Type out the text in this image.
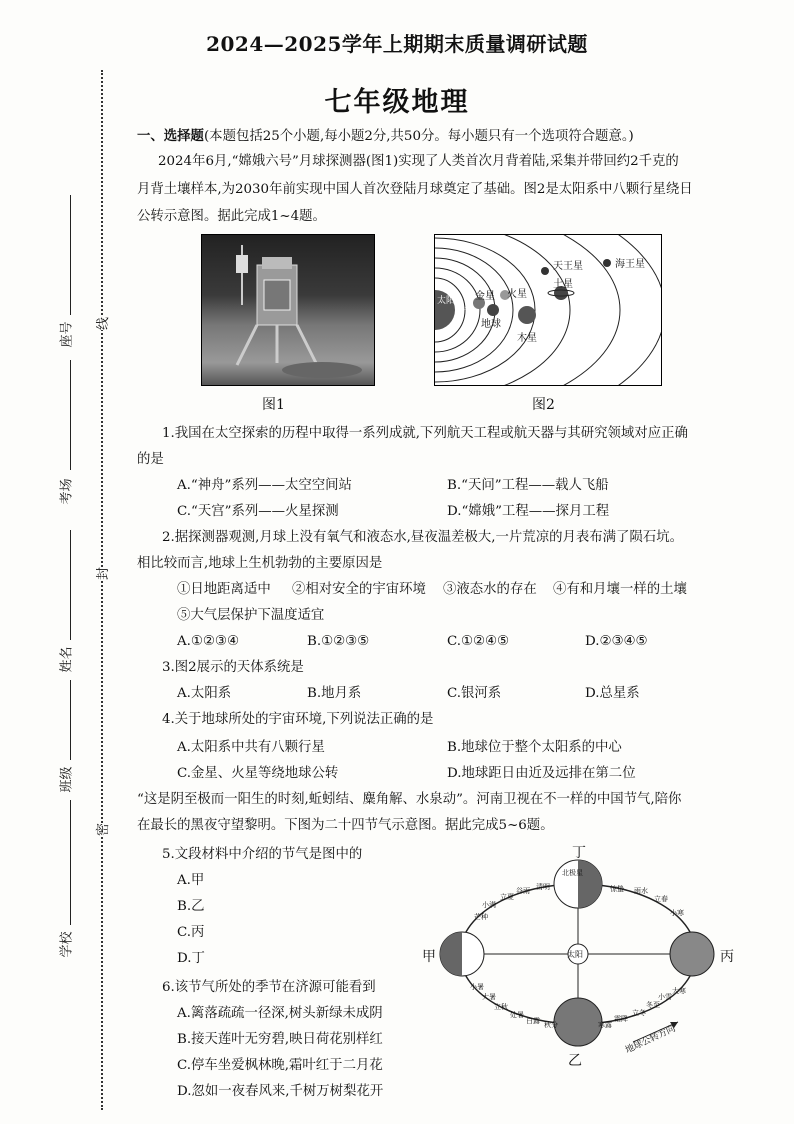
2024—2025学年上期期末质量调研试题
七年级地理
线
封
密
座号
考场
姓名
班级
学校
一、选择题(本题包括25个小题,每小题2分,共50分。每小题只有一个选项符合题意。)
2024年6月,“嫦娥六号”月球探测器(图1)实现了人类首次月背着陆,采集并带回约2千克的
月背土壤样本,为2030年前实现中国人首次登陆月球奠定了基础。图2是太阳系中八颗行星绕日
公转示意图。据此完成1~4题。
图1
天王星	海王星
土星
火星
金星
水星
地球
木星
太阳
图2
1.我国在太空探索的历程中取得一系列成就,下列航天工程或航天器与其研究领域对应正确
的是
A.“神舟”系列——太空空间站	B.“天问”工程——载人飞船
C.“天宫”系列——火星探测	D.“嫦娥”工程——探月工程
2.据探测器观测,月球上没有氧气和液态水,昼夜温差极大,一片荒凉的月表布满了陨石坑。
相比较而言,地球上生机勃勃的主要原因是
①日地距离适中 ②相对安全的宇宙环境 ③液态水的存在 ④有和月壤一样的土壤
⑤大气层保护下温度适宜
A.①②③④	B.①②③⑤	C.①②④⑤	D.②③④⑤
3.图2展示的天体系统是
A.太阳系	B.地月系	C.银河系	D.总星系
4.关于地球所处的宇宙环境,下列说法正确的是
A.太阳系中共有八颗行星	B.地球位于整个太阳系的中心
C.金星、火星等绕地球公转	D.地球距日由近及远排在第二位
“这是阴至极而一阳生的时刻,蚯蚓结、麋角解、水泉动”。河南卫视在不一样的中国节气,陪你
在最长的黑夜守望黎明。下图为二十四节气示意图。据此完成5~6题。
5.文段材料中介绍的节气是图中的
A.甲
B.乙
C.丙
D.丁
6.该节气所处的季节在济源可能看到
A.篱落疏疏一径深,树头新绿未成阴
B.接天莲叶无穷碧,映日荷花别样红
C.停车坐爱枫林晚,霜叶红于二月花
D.忽如一夜春风来,千树万树梨花开
丁
甲	丙
乙
太阳
地球公转方向
北极星
清明
谷雨
立夏
小满
惊蛰 雨水
立春
小寒
大寒
冬至
小雪
立冬
霜降
寒露
秋分
白露
处暑
立秋
大暑
小暑
芒种
